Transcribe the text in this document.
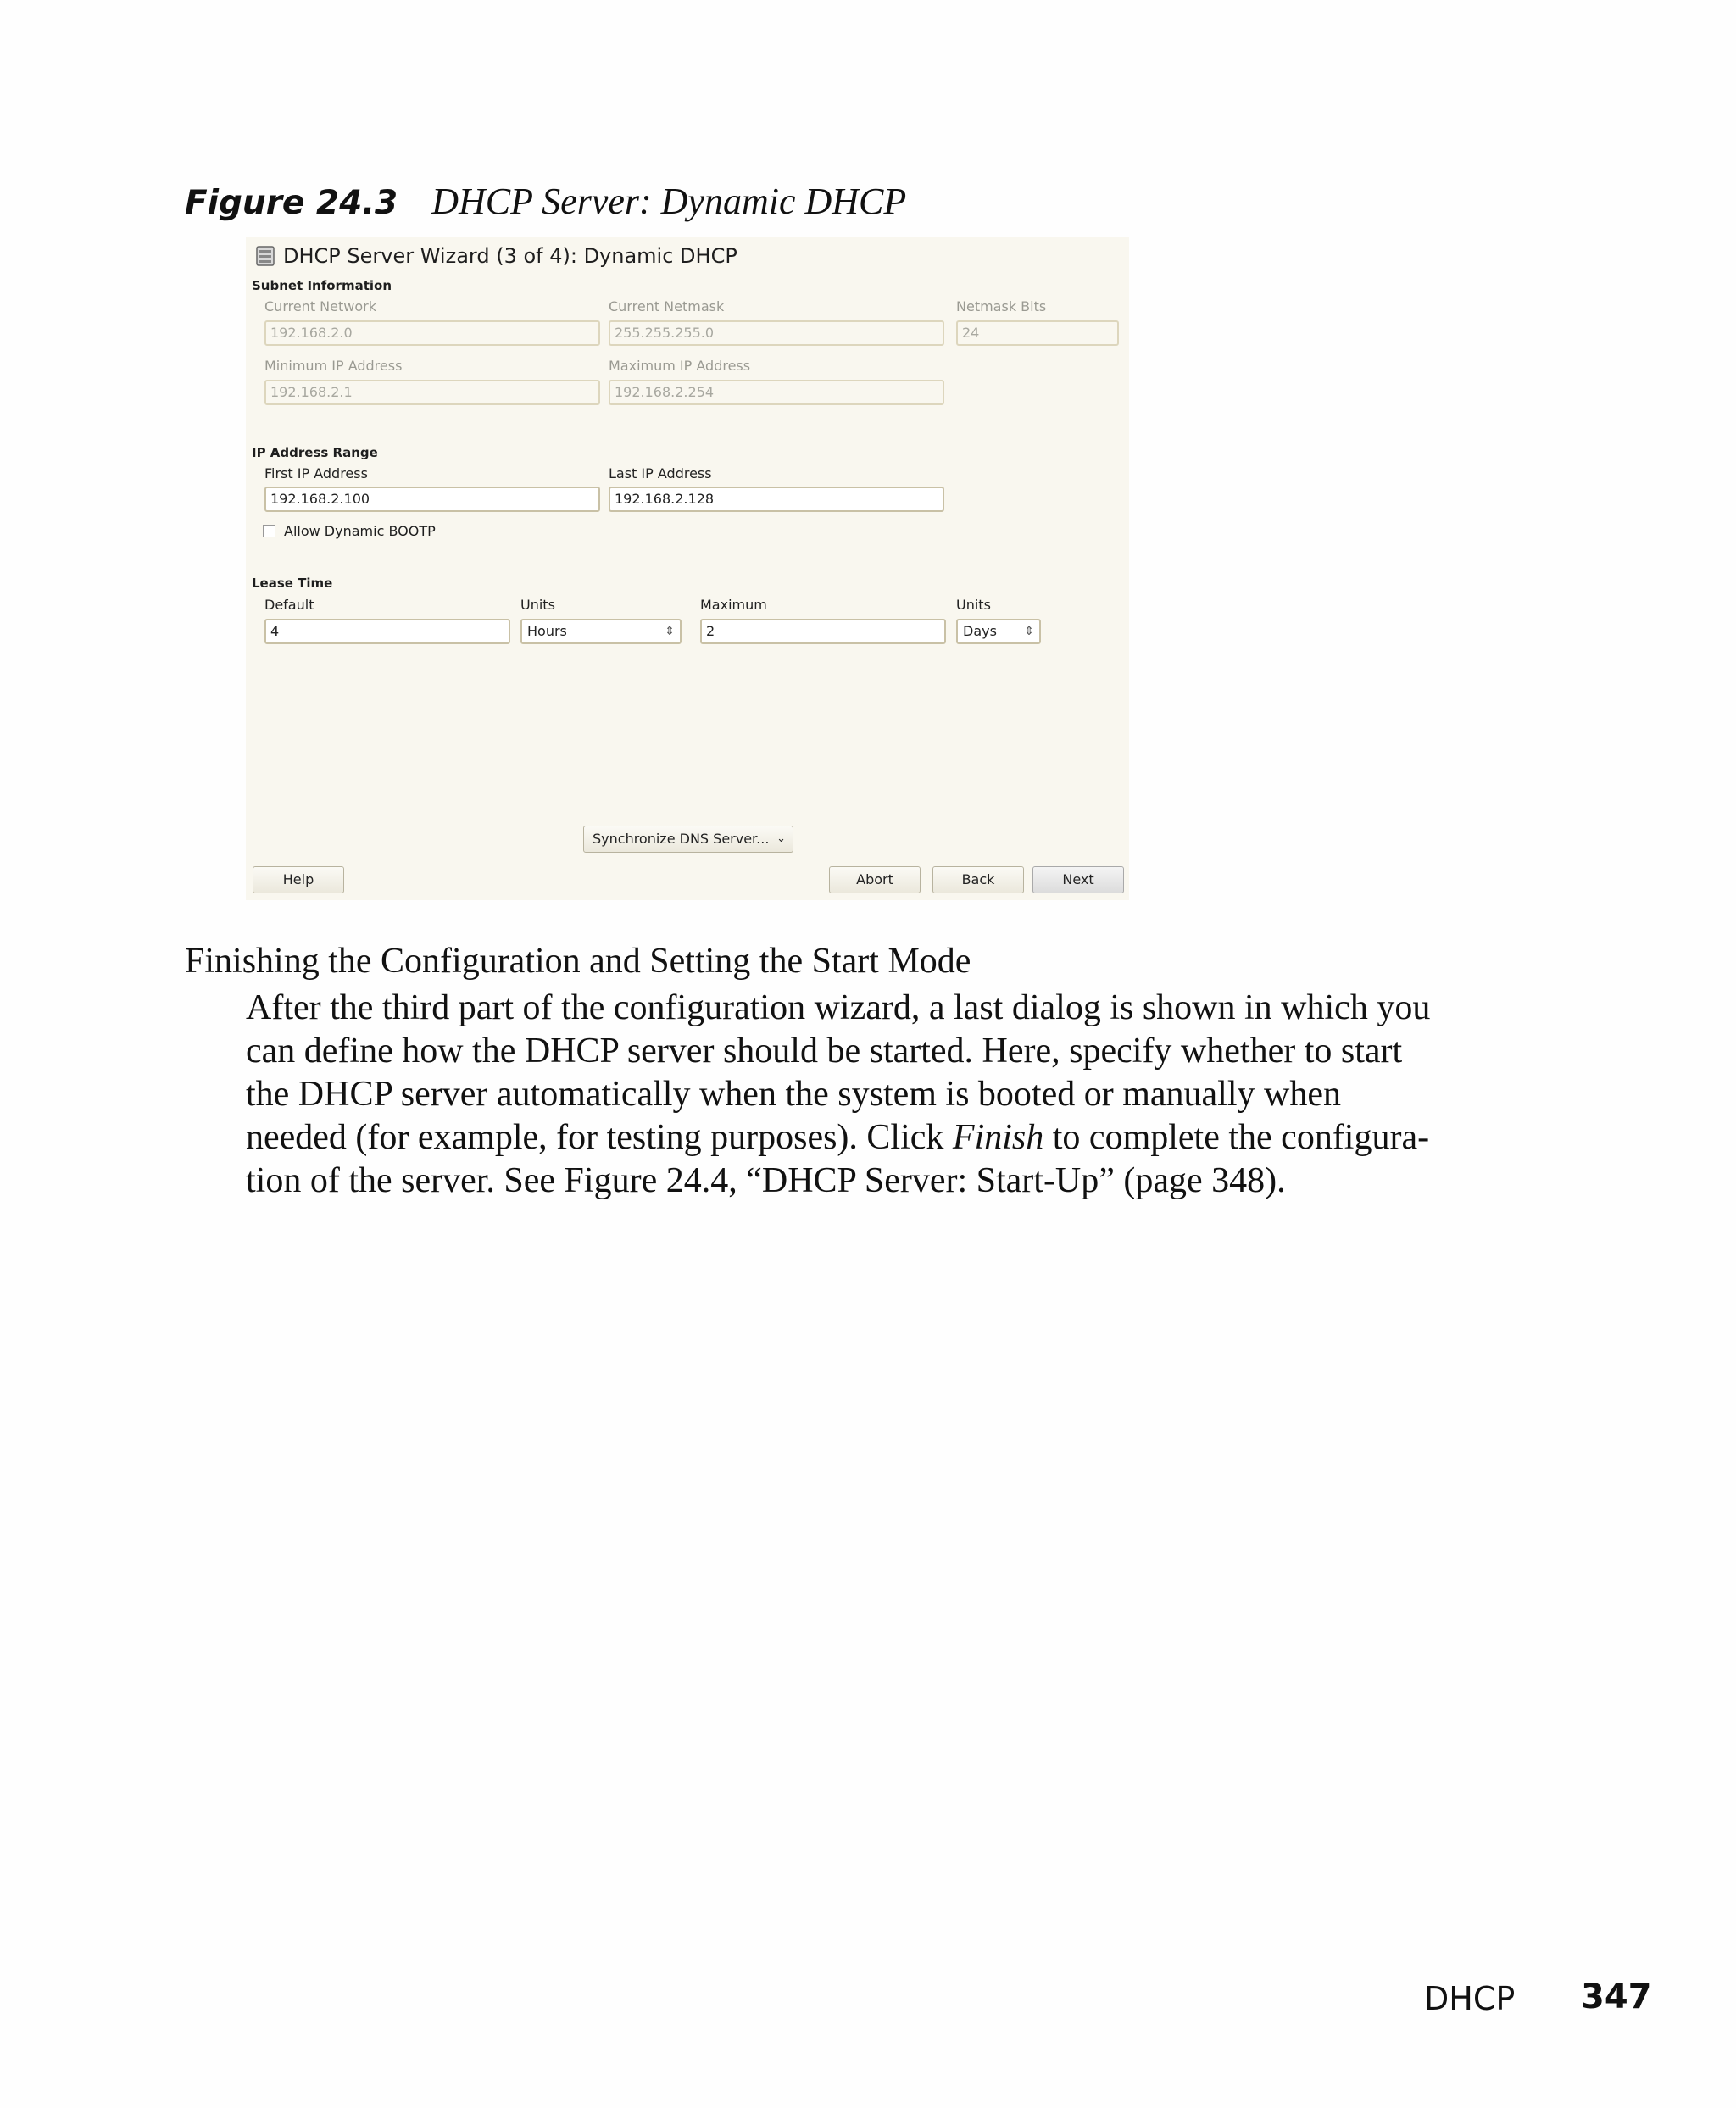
Figure 24.3 DHCP Server: Dynamic DHCP
DHCP Server Wizard (3 of 4): Dynamic DHCP
Subnet Information
Current Network
192.168.2.0
Current Netmask
255.255.255.0
Netmask Bits
24
Minimum IP Address
192.168.2.1
Maximum IP Address
192.168.2.254
IP Address Range
First IP Address
192.168.2.100
Last IP Address
192.168.2.128
Allow Dynamic BOOTP
Lease Time
Default
4
Units
Hours	⇕
Maximum
2
Units
Days ⇕
Synchronize DNS Server... ⌄
Help	Abort	Back	Next
Finishing the Configuration and Setting the Start Mode
After the third part of the configuration wizard, a last dialog is shown in which you
can define how the DHCP server should be started. Here, specify whether to start
the DHCP server automatically when the system is booted or manually when
needed (for example, for testing purposes). Click Finish to complete the configura-
tion of the server. See Figure 24.4, “DHCP Server: Start-Up” (page 348).
DHCP 347
